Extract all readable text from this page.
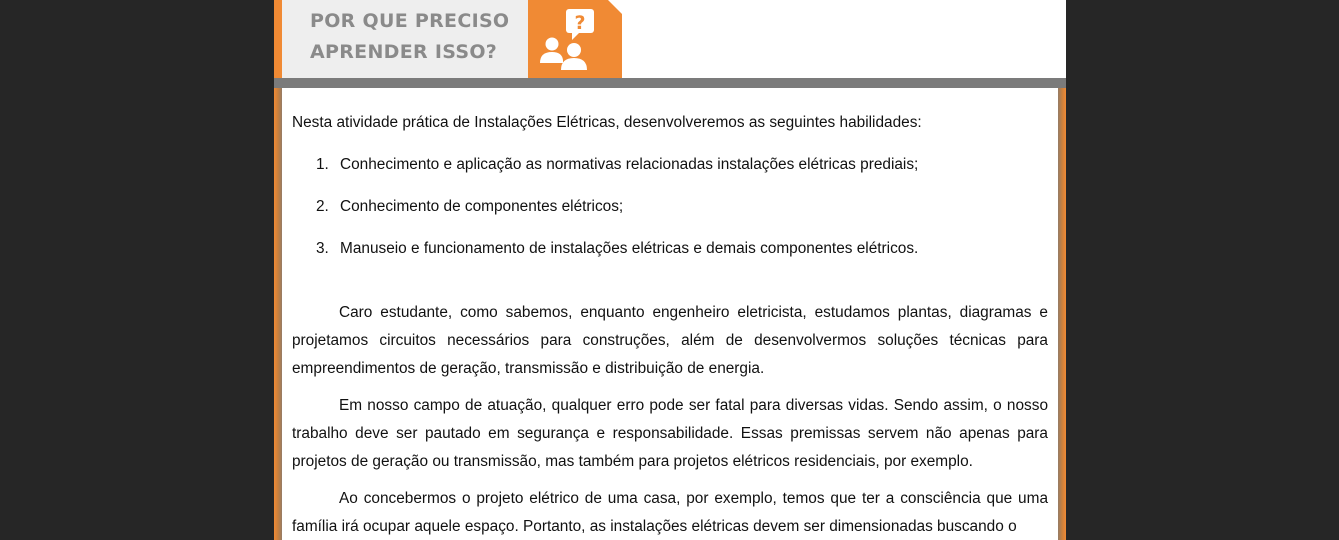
POR QUE PRECISO
APRENDER ISSO?
?

Nesta atividade prática de Instalações Elétricas, desenvolveremos as seguintes habilidades:

1. Conhecimento e aplicação as normativas relacionadas instalações elétricas prediais;
2. Conhecimento de componentes elétricos;
3. Manuseio e funcionamento de instalações elétricas e demais componentes elétricos.

Caro estudante, como sabemos, enquanto engenheiro eletricista, estudamos plantas, diagramas e projetamos circuitos necessários para construções, além de desenvolvermos soluções técnicas para empreendimentos de geração, transmissão e distribuição de energia.

Em nosso campo de atuação, qualquer erro pode ser fatal para diversas vidas. Sendo assim, o nosso trabalho deve ser pautado em segurança e responsabilidade. Essas premissas servem não apenas para projetos de geração ou transmissão, mas também para projetos elétricos residenciais, por exemplo.

Ao concebermos o projeto elétrico de uma casa, por exemplo, temos que ter a consciência que uma família irá ocupar aquele espaço. Portanto, as instalações elétricas devem ser dimensionadas buscando o
